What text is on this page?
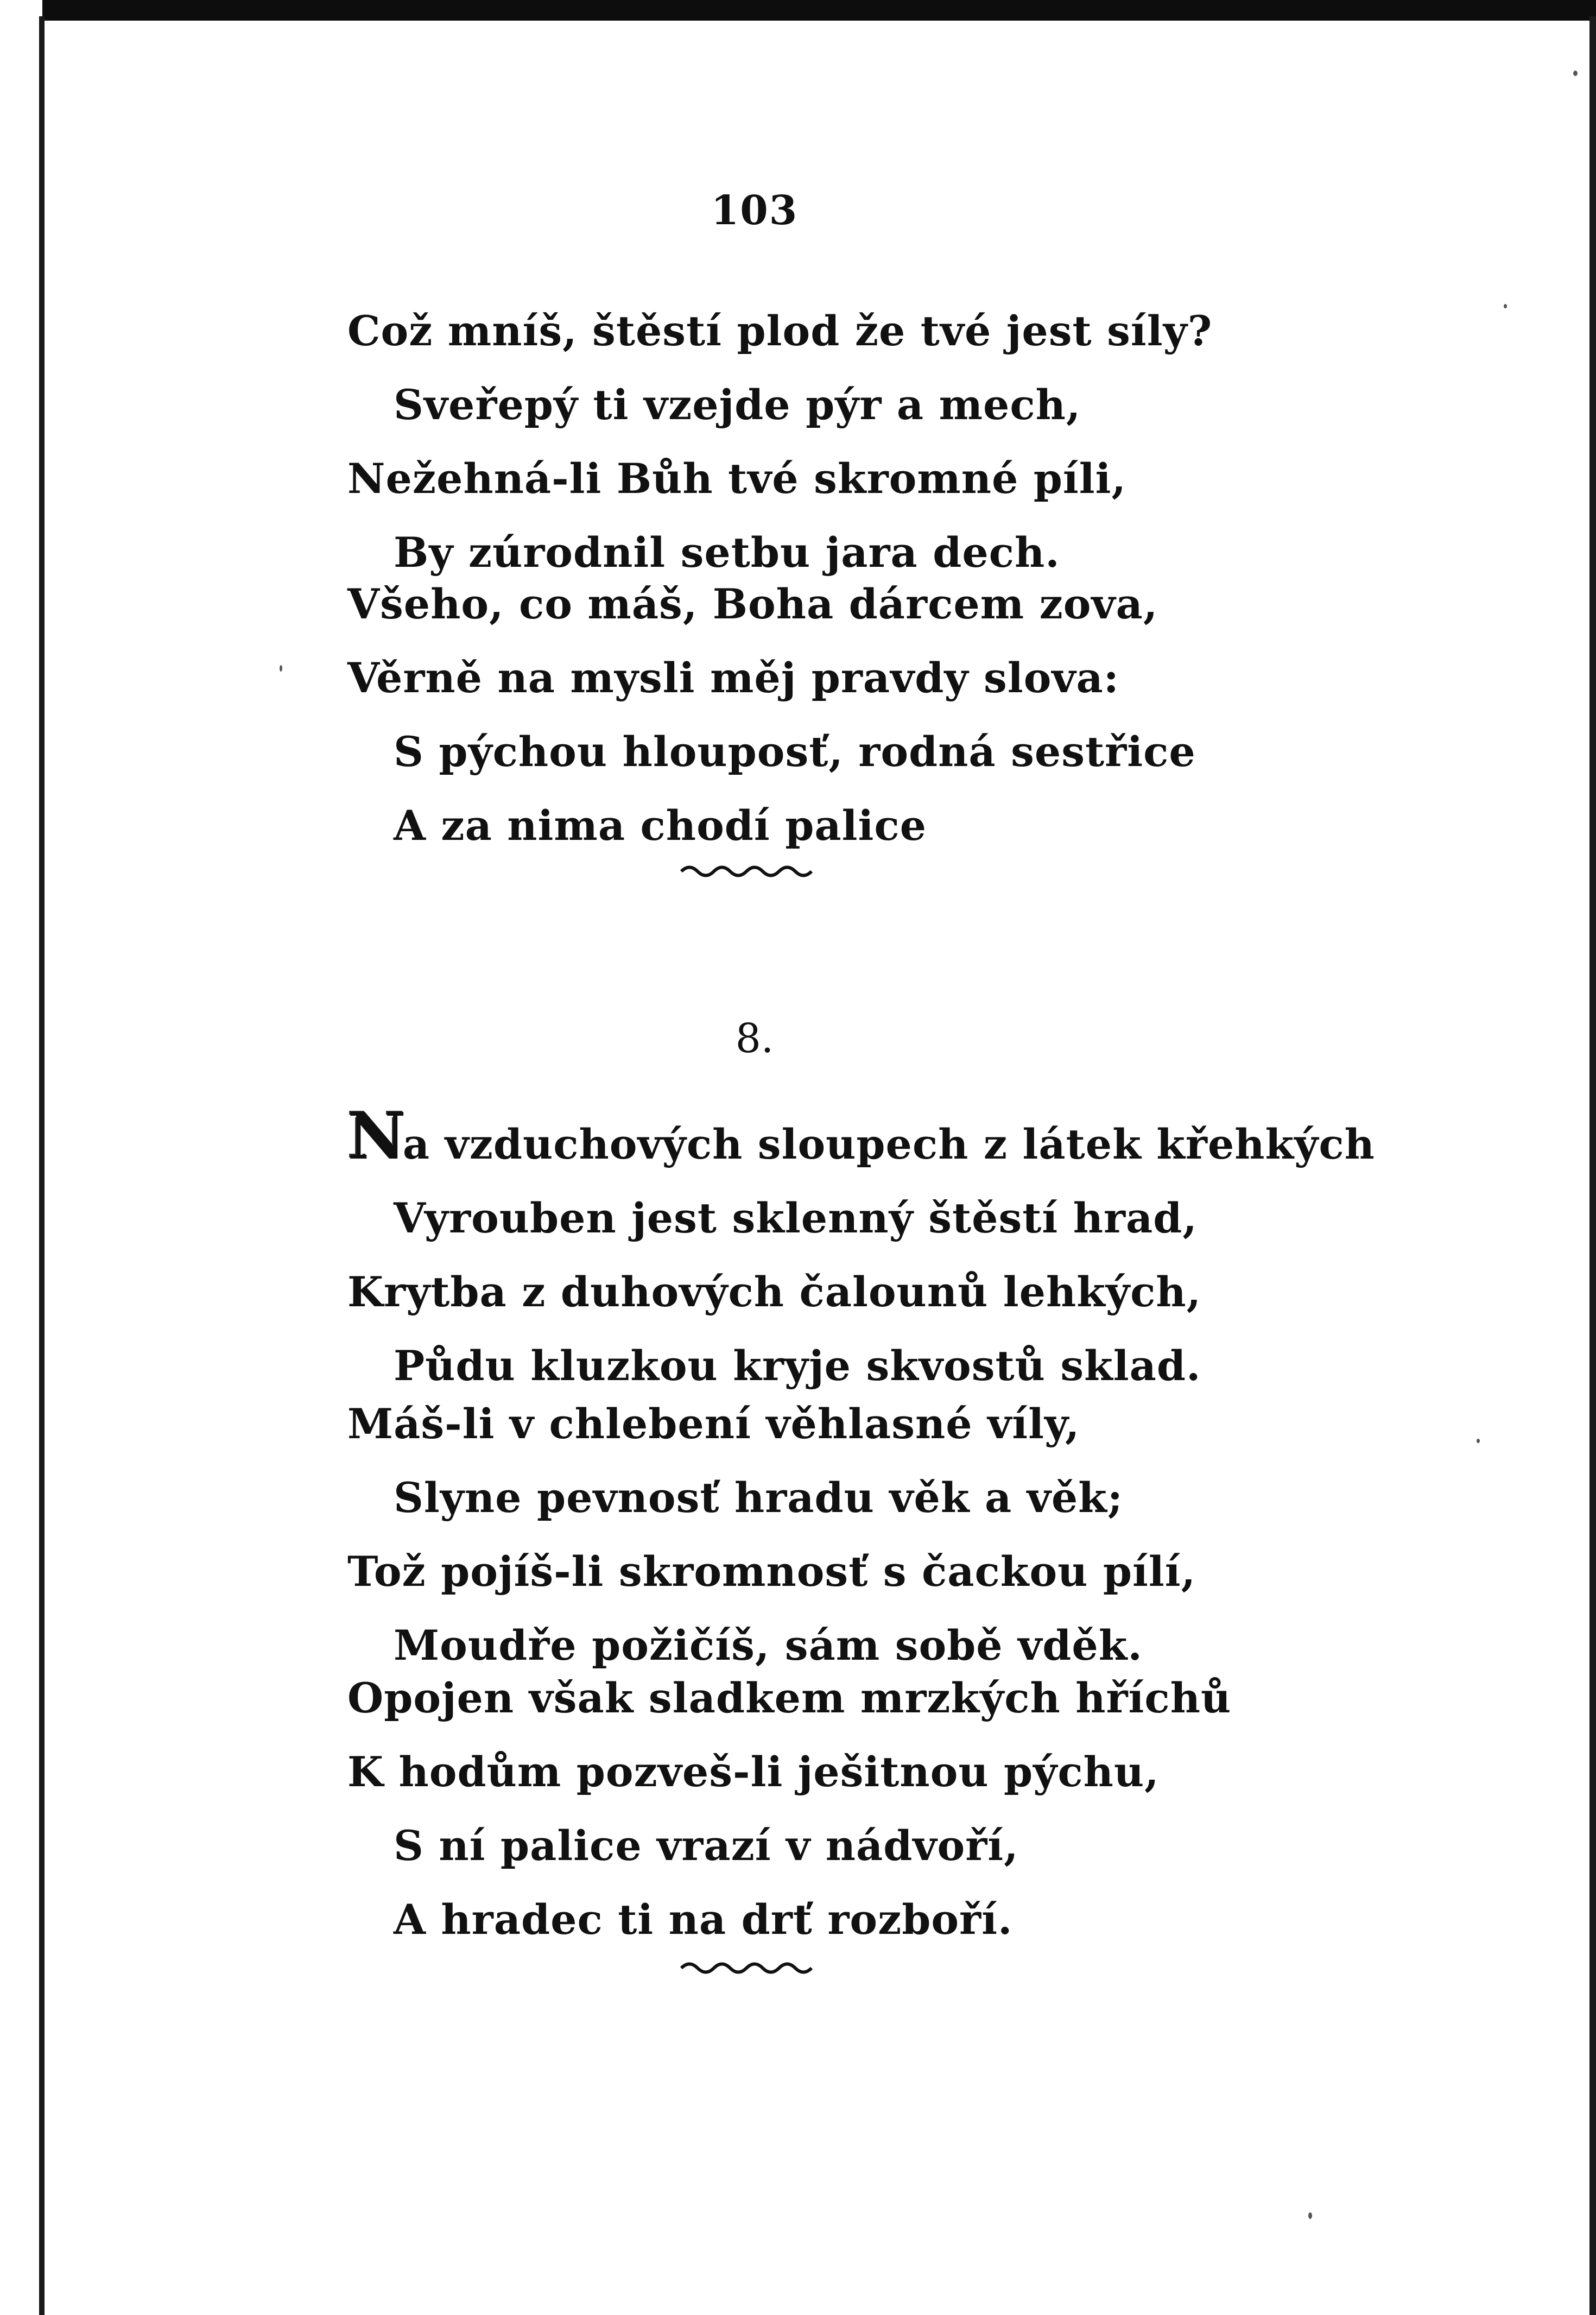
103
Což mníš, štěstí plod že tvé jest síly?
Sveřepý ti vzejde pýr a mech,
Nežehná-li Bůh tvé skromné píli,
By zúrodnil setbu jara dech.
Všeho, co máš, Boha dárcem zova,
Věrně na mysli měj pravdy slova:
S pýchou hlouposť, rodná sestřice
A za nima chodí palice
8.
Na vzduchových sloupech z látek křehkých
Vyrouben jest sklenný štěstí hrad,
Krytba z duhových čalounů lehkých,
Půdu kluzkou kryje skvostů sklad.
Máš-li v chlebení věhlasné víly,
Slyne pevnosť hradu věk a věk;
Tož pojíš-li skromnosť s čackou pílí,
Moudře požičíš, sám sobě vděk.
Opojen však sladkem mrzkých hříchů
K hodům pozveš-li ješitnou pýchu,
S ní palice vrazí v nádvoří,
A hradec ti na drť rozboří.
